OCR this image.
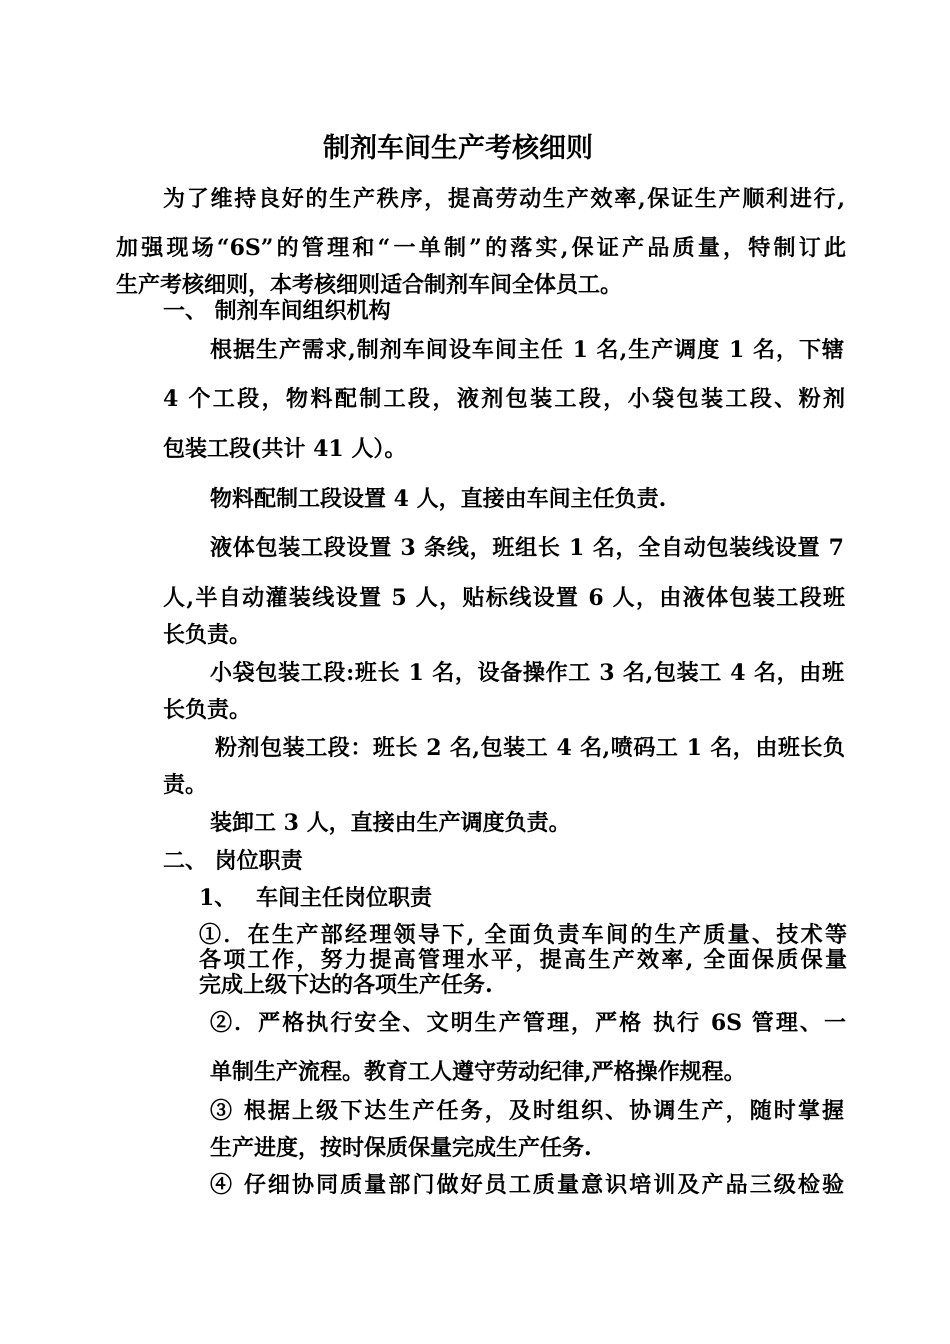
制剂车间生产考核细则
为了维持良好的生产秩序，提高劳动生产效率,保证生产顺利进行,
加强现场“6S”的管理和“一单制”的落实,保证产品质量，特制订此
生产考核细则，本考核细则适合制剂车间全体员工。
一、 制剂车间组织机构
根据生产需求,制剂车间设车间主任 1 名,生产调度 1 名，下辖
4 个工段，物料配制工段，液剂包装工段，小袋包装工段、粉剂
包装工段(共计 41 人）。
物料配制工段设置 4 人，直接由车间主任负责.
液体包装工段设置 3 条线，班组长 1 名，全自动包装线设置 7
人,半自动灌装线设置 5 人，贴标线设置 6 人，由液体包装工段班
长负责。
小袋包装工段:班长 1 名，设备操作工 3 名,包装工 4 名，由班
长负责。
粉剂包装工段：班长 2 名,包装工 4 名,喷码工 1 名，由班长负
责。
装卸工 3 人，直接由生产调度负责。
二、 岗位职责
1、 车间主任岗位职责
①．在生产部经理领导下, 全面负责车间的生产质量、技术等
各项工作，努力提高管理水平，提高生产效率, 全面保质保量
完成上级下达的各项生产任务.
②．严格执行安全、文明生产管理，严格 执行 6S 管理、一
单制生产流程。教育工人遵守劳动纪律,严格操作规程。
③ 根据上级下达生产任务，及时组织、协调生产，随时掌握
生产进度，按时保质保量完成生产任务.
④ 仔细协同质量部门做好员工质量意识培训及产品三级检验
